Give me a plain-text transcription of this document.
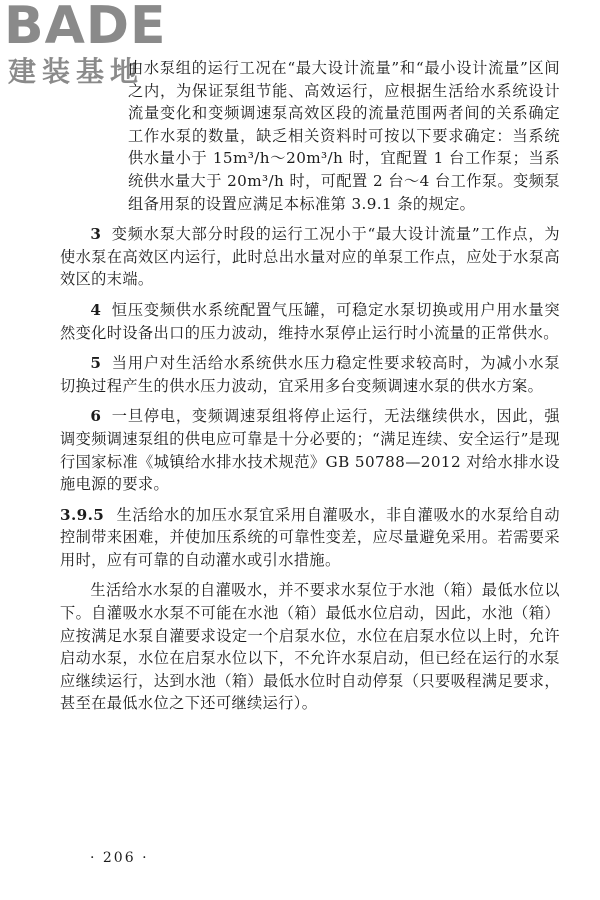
BADE
建装基地

由水泵组的运行工况在“最大设计流量”和“最小设计流量”区间之内，为保证泵组节能、高效运行，应根据生活给水系统设计流量变化和变频调速泵高效区段的流量范围两者间的关系确定工作水泵的数量，缺乏相关资料时可按以下要求确定：当系统供水量小于 15m³/h～20m³/h 时，宜配置 1 台工作泵；当系统供水量大于 20m³/h 时，可配置 2 台～4 台工作泵。变频泵组备用泵的设置应满足本标准第 3.9.1 条的规定。

3 变频水泵大部分时段的运行工况小于“最大设计流量”工作点，为使水泵在高效区内运行，此时总出水量对应的单泵工作点，应处于水泵高效区的末端。

4 恒压变频供水系统配置气压罐，可稳定水泵切换或用户用水量突然变化时设备出口的压力波动，维持水泵停止运行时小流量的正常供水。

5 当用户对生活给水系统供水压力稳定性要求较高时，为减小水泵切换过程产生的供水压力波动，宜采用多台变频调速水泵的供水方案。

6 一旦停电，变频调速泵组将停止运行，无法继续供水，因此，强调变频调速泵组的供电应可靠是十分必要的；“满足连续、安全运行”是现行国家标准《城镇给水排水技术规范》GB 50788—2012 对给水排水设施电源的要求。

3.9.5 生活给水的加压水泵宜采用自灌吸水，非自灌吸水的水泵给自动控制带来困难，并使加压系统的可靠性变差，应尽量避免采用。若需要采用时，应有可靠的自动灌水或引水措施。

生活给水水泵的自灌吸水，并不要求水泵位于水池（箱）最低水位以下。自灌吸水水泵不可能在水池（箱）最低水位启动，因此，水池（箱）应按满足水泵自灌要求设定一个启泵水位，水位在启泵水位以上时，允许启动水泵，水位在启泵水位以下，不允许水泵启动，但已经在运行的水泵应继续运行，达到水池（箱）最低水位时自动停泵（只要吸程满足要求，甚至在最低水位之下还可继续运行）。

· 206 ·
